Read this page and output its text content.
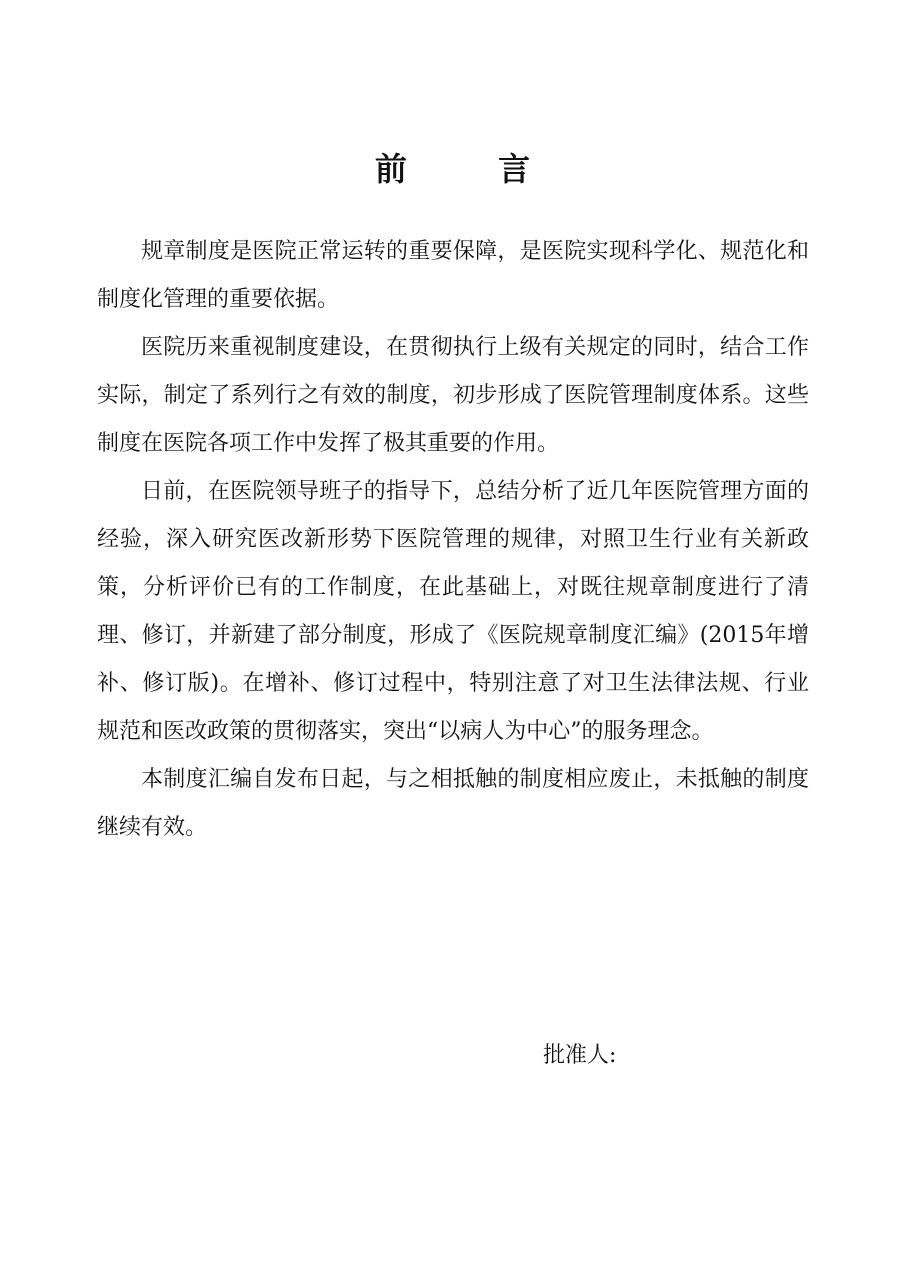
前 言

规章制度是医院正常运转的重要保障，是医院实现科学化、规范化和制度化管理的重要依据。

医院历来重视制度建设，在贯彻执行上级有关规定的同时，结合工作实际，制定了系列行之有效的制度，初步形成了医院管理制度体系。这些制度在医院各项工作中发挥了极其重要的作用。

日前，在医院领导班子的指导下，总结分析了近几年医院管理方面的经验，深入研究医改新形势下医院管理的规律，对照卫生行业有关新政策，分析评价已有的工作制度，在此基础上，对既往规章制度进行了清理、修订，并新建了部分制度，形成了《医院规章制度汇编》(2015年增补、修订版)。在增补、修订过程中，特别注意了对卫生法律法规、行业规范和医改政策的贯彻落实，突出“以病人为中心”的服务理念。

本制度汇编自发布日起，与之相抵触的制度相应废止，未抵触的制度继续有效。

批准人:
